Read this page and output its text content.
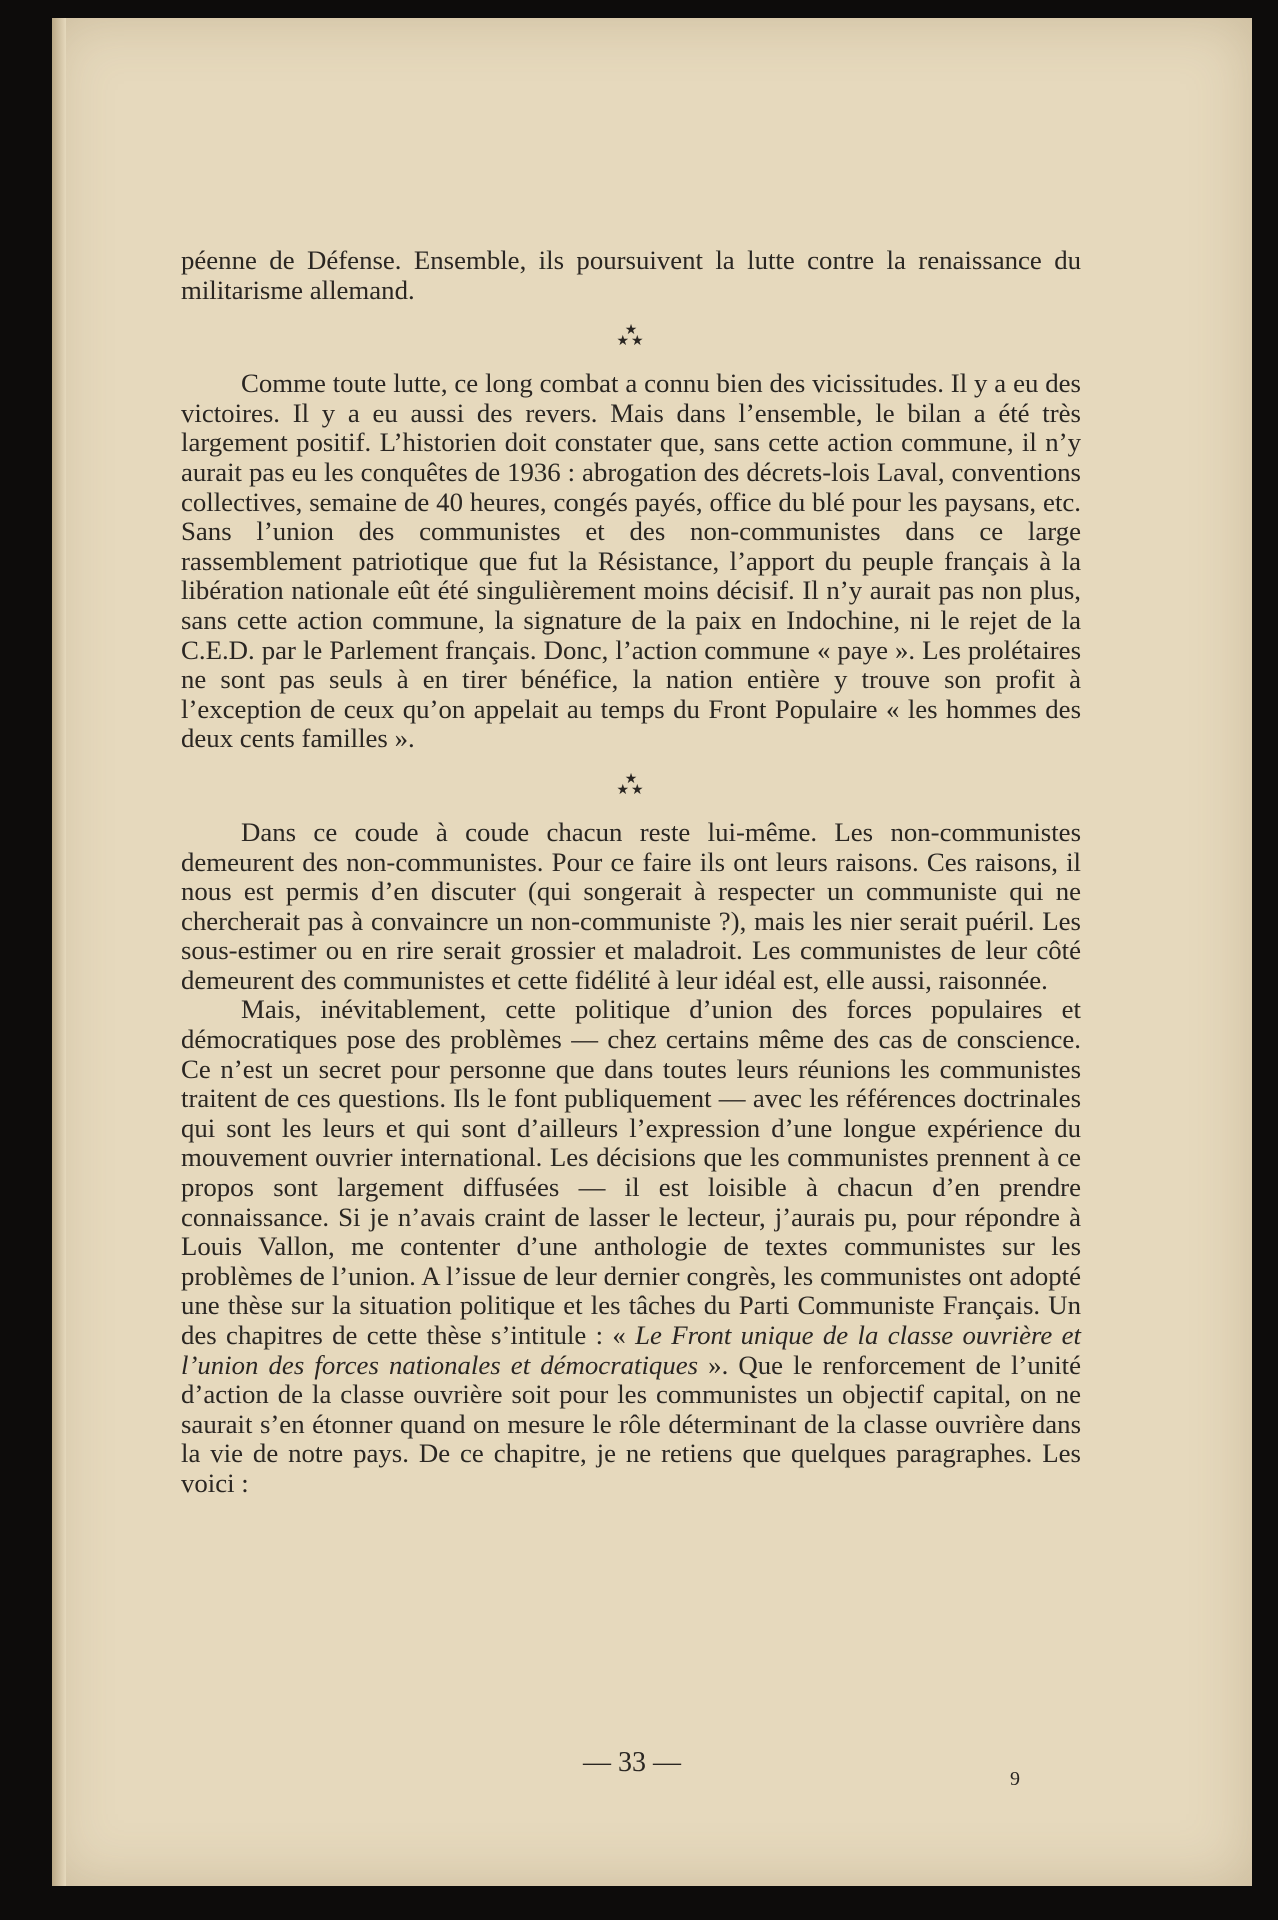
péenne de Défense. Ensemble, ils poursuivent la lutte contre la renaissance du militarisme allemand.

★
★★

Comme toute lutte, ce long combat a connu bien des vicissitudes. Il y a eu des victoires. Il y a eu aussi des revers. Mais dans l’ensemble, le bilan a été très largement positif. L’historien doit constater que, sans cette action commune, il n’y aurait pas eu les conquêtes de 1936 : abrogation des décrets-lois Laval, conventions collectives, semaine de 40 heures, congés payés, office du blé pour les paysans, etc. Sans l’union des communistes et des non-communistes dans ce large rassemblement patriotique que fut la Résistance, l’apport du peuple français à la libération nationale eût été singulièrement moins décisif. Il n’y aurait pas non plus, sans cette action commune, la signature de la paix en Indochine, ni le rejet de la C.E.D. par le Parlement français. Donc, l’action commune « paye ». Les prolétaires ne sont pas seuls à en tirer bénéfice, la nation entière y trouve son profit à l’exception de ceux qu’on appelait au temps du Front Populaire « les hommes des deux cents familles ».

★
★★

Dans ce coude à coude chacun reste lui-même. Les non-communistes demeurent des non-communistes. Pour ce faire ils ont leurs raisons. Ces raisons, il nous est permis d’en discuter (qui songerait à respecter un communiste qui ne chercherait pas à convaincre un non-communiste ?), mais les nier serait puéril. Les sous-estimer ou en rire serait grossier et maladroit. Les communistes de leur côté demeurent des communistes et cette fidélité à leur idéal est, elle aussi, raisonnée.

Mais, inévitablement, cette politique d’union des forces populaires et démocratiques pose des problèmes — chez certains même des cas de conscience. Ce n’est un secret pour personne que dans toutes leurs réunions les communistes traitent de ces questions. Ils le font publiquement — avec les références doctrinales qui sont les leurs et qui sont d’ailleurs l’expression d’une longue expérience du mouvement ouvrier international. Les décisions que les communistes prennent à ce propos sont largement diffusées — il est loisible à chacun d’en prendre connaissance. Si je n’avais craint de lasser le lecteur, j’aurais pu, pour répondre à Louis Vallon, me contenter d’une anthologie de textes communistes sur les problèmes de l’union. A l’issue de leur dernier congrès, les communistes ont adopté une thèse sur la situation politique et les tâches du Parti Communiste Français. Un des chapitres de cette thèse s’intitule : « Le Front unique de la classe ouvrière et l’union des forces nationales et démocratiques ». Que le renforcement de l’unité d’action de la classe ouvrière soit pour les communistes un objectif capital, on ne saurait s’en étonner quand on mesure le rôle déterminant de la classe ouvrière dans la vie de notre pays. De ce chapitre, je ne retiens que quelques paragraphes. Les voici :

— 33 —
9
